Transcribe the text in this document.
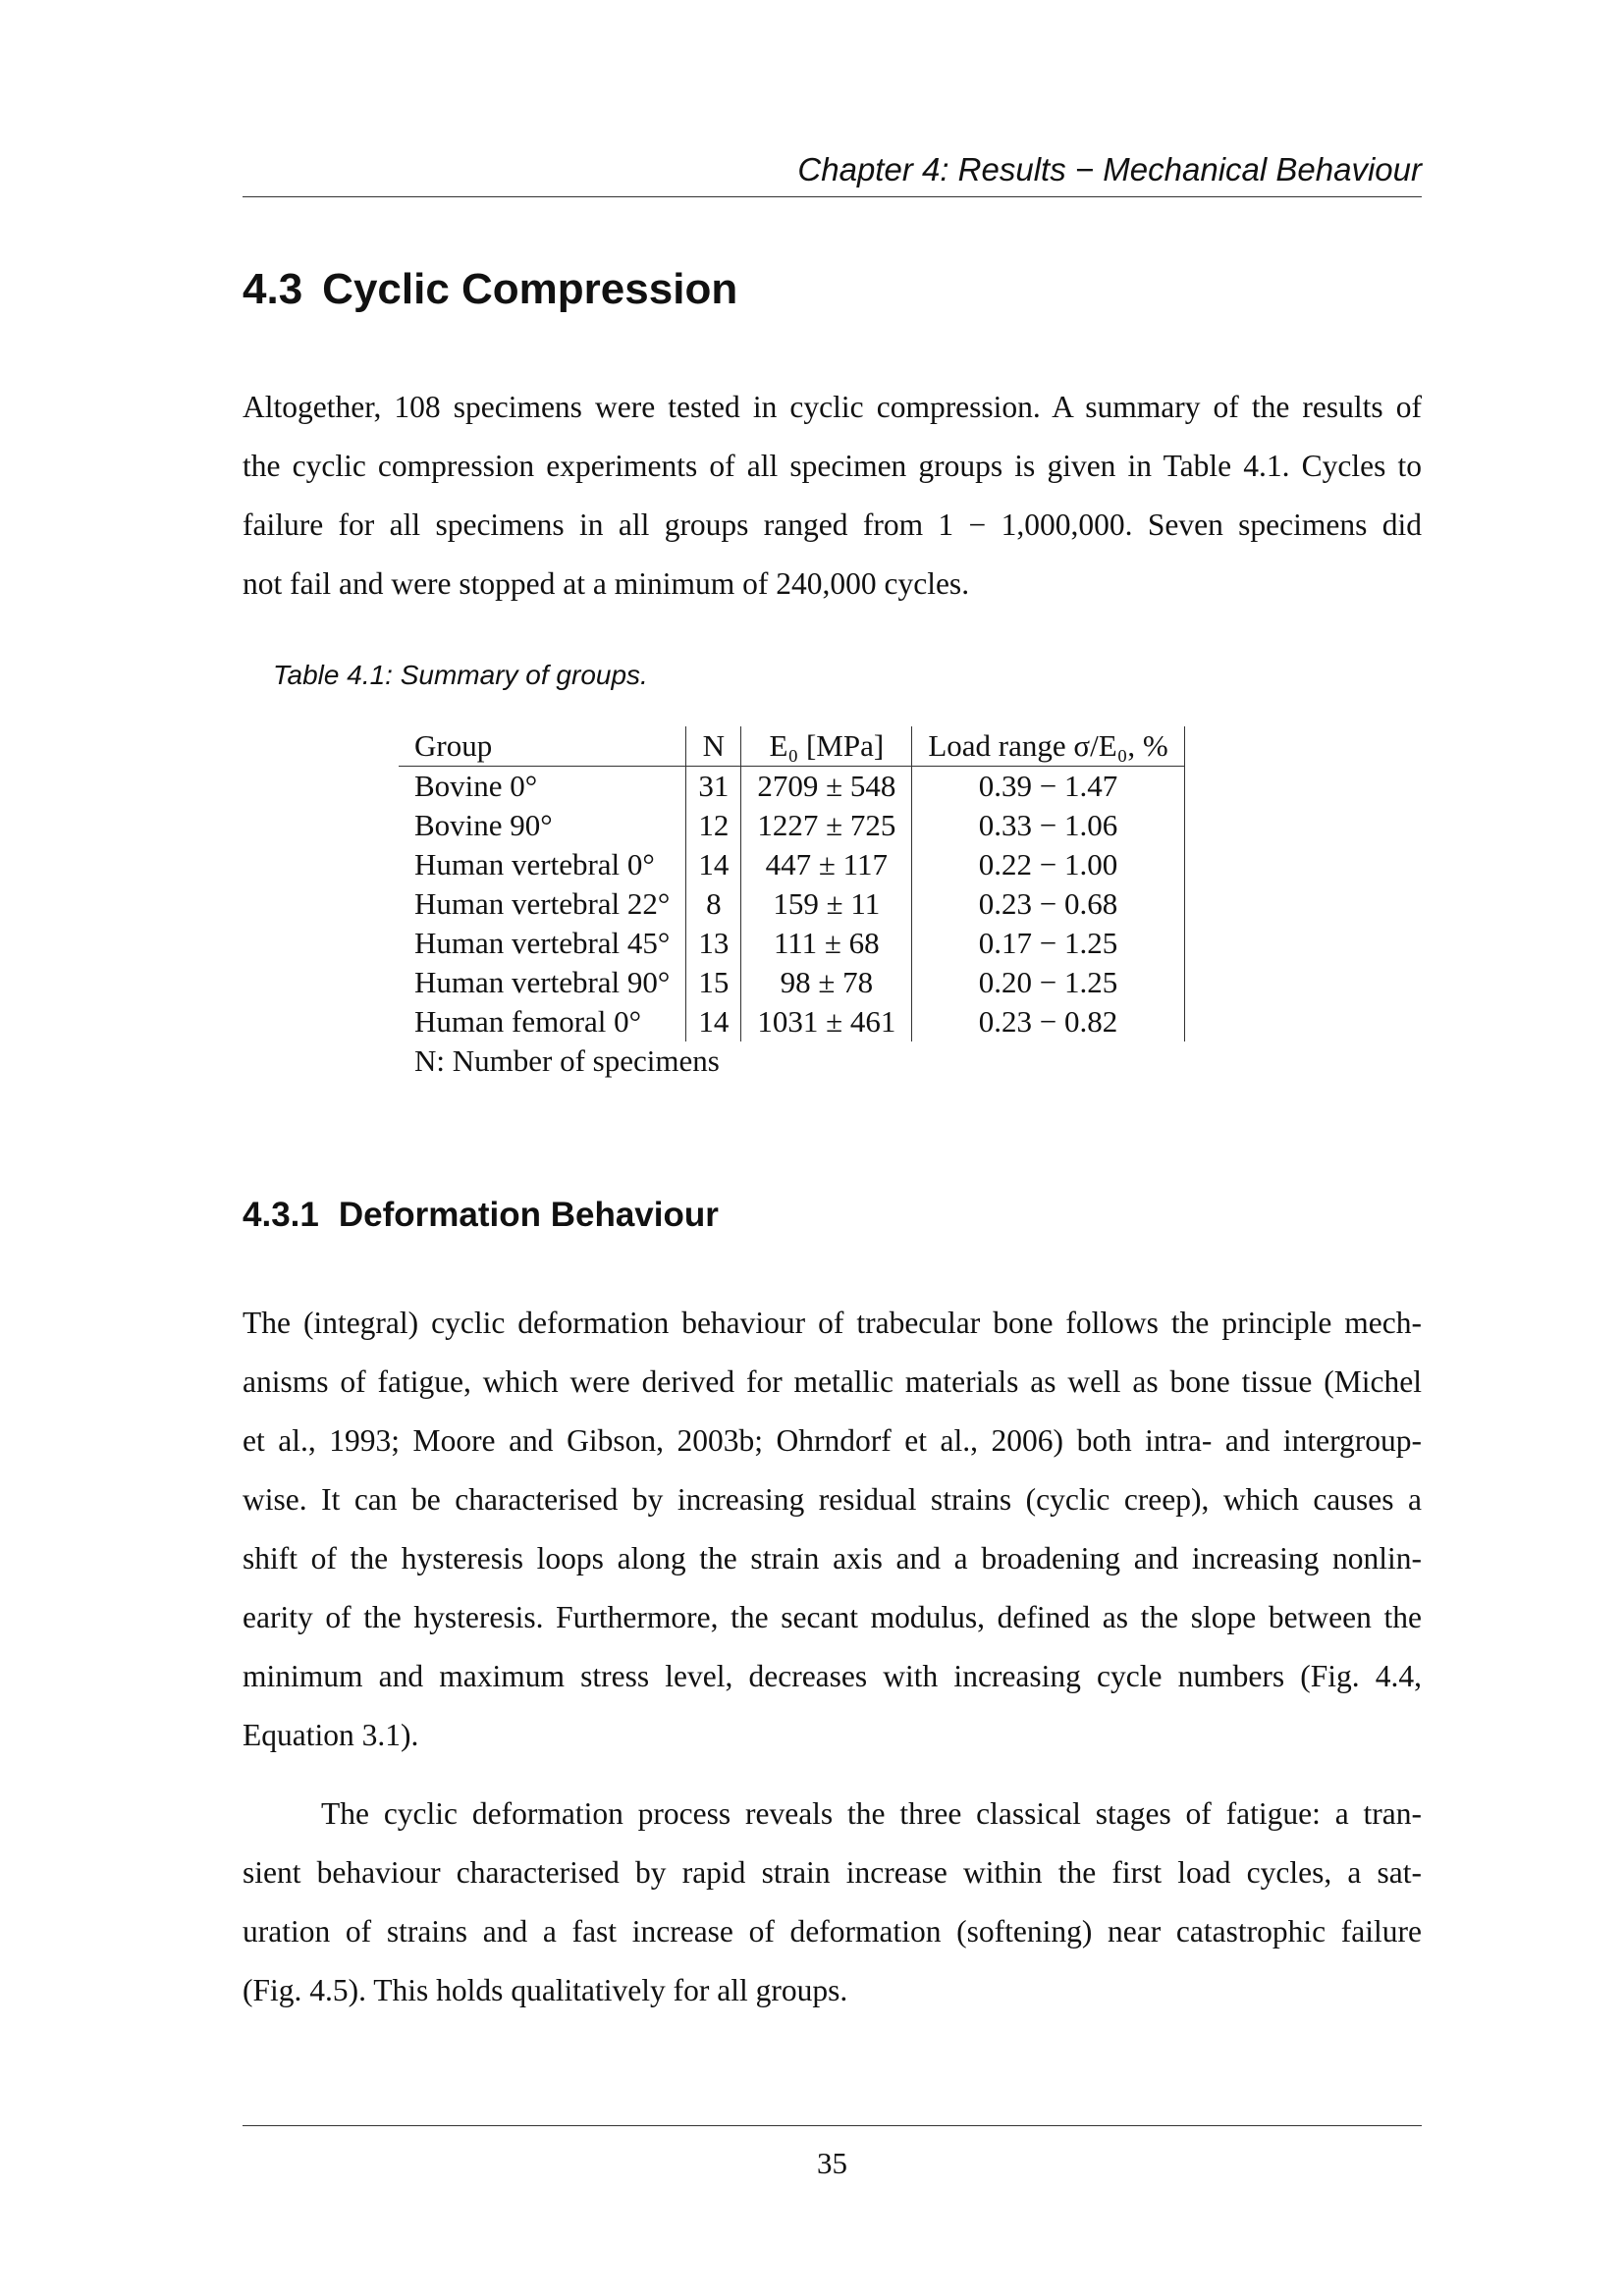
Chapter 4: Results − Mechanical Behaviour
4.3 Cyclic Compression
Altogether, 108 specimens were tested in cyclic compression. A summary of the results of
the cyclic compression experiments of all specimen groups is given in Table 4.1. Cycles to
failure for all specimens in all groups ranged from 1 − 1,000,000. Seven specimens did
not fail and were stopped at a minimum of 240,000 cycles.
Table 4.1: Summary of groups.
Group	N	E₀ [MPa]	Load range σ/E₀, %
Bovine 0°	31	2709 ± 548	0.39 − 1.47
Bovine 90°	12	1227 ± 725	0.33 − 1.06
Human vertebral 0°	14	447 ± 117	0.22 − 1.00
Human vertebral 22°	8	159 ± 11	0.23 − 0.68
Human vertebral 45°	13	111 ± 68	0.17 − 1.25
Human vertebral 90°	15	98 ± 78	0.20 − 1.25
Human femoral 0°	14	1031 ± 461	0.23 − 0.82
N: Number of specimens			
4.3.1 Deformation Behaviour
The (integral) cyclic deformation behaviour of trabecular bone follows the principle mech-
anisms of fatigue, which were derived for metallic materials as well as bone tissue (Michel
et al., 1993; Moore and Gibson, 2003b; Ohrndorf et al., 2006) both intra- and intergroup-
wise. It can be characterised by increasing residual strains (cyclic creep), which causes a
shift of the hysteresis loops along the strain axis and a broadening and increasing nonlin-
earity of the hysteresis. Furthermore, the secant modulus, defined as the slope between the
minimum and maximum stress level, decreases with increasing cycle numbers (Fig. 4.4,
Equation 3.1).
The cyclic deformation process reveals the three classical stages of fatigue: a tran-
sient behaviour characterised by rapid strain increase within the first load cycles, a sat-
uration of strains and a fast increase of deformation (softening) near catastrophic failure
(Fig. 4.5). This holds qualitatively for all groups.
35
